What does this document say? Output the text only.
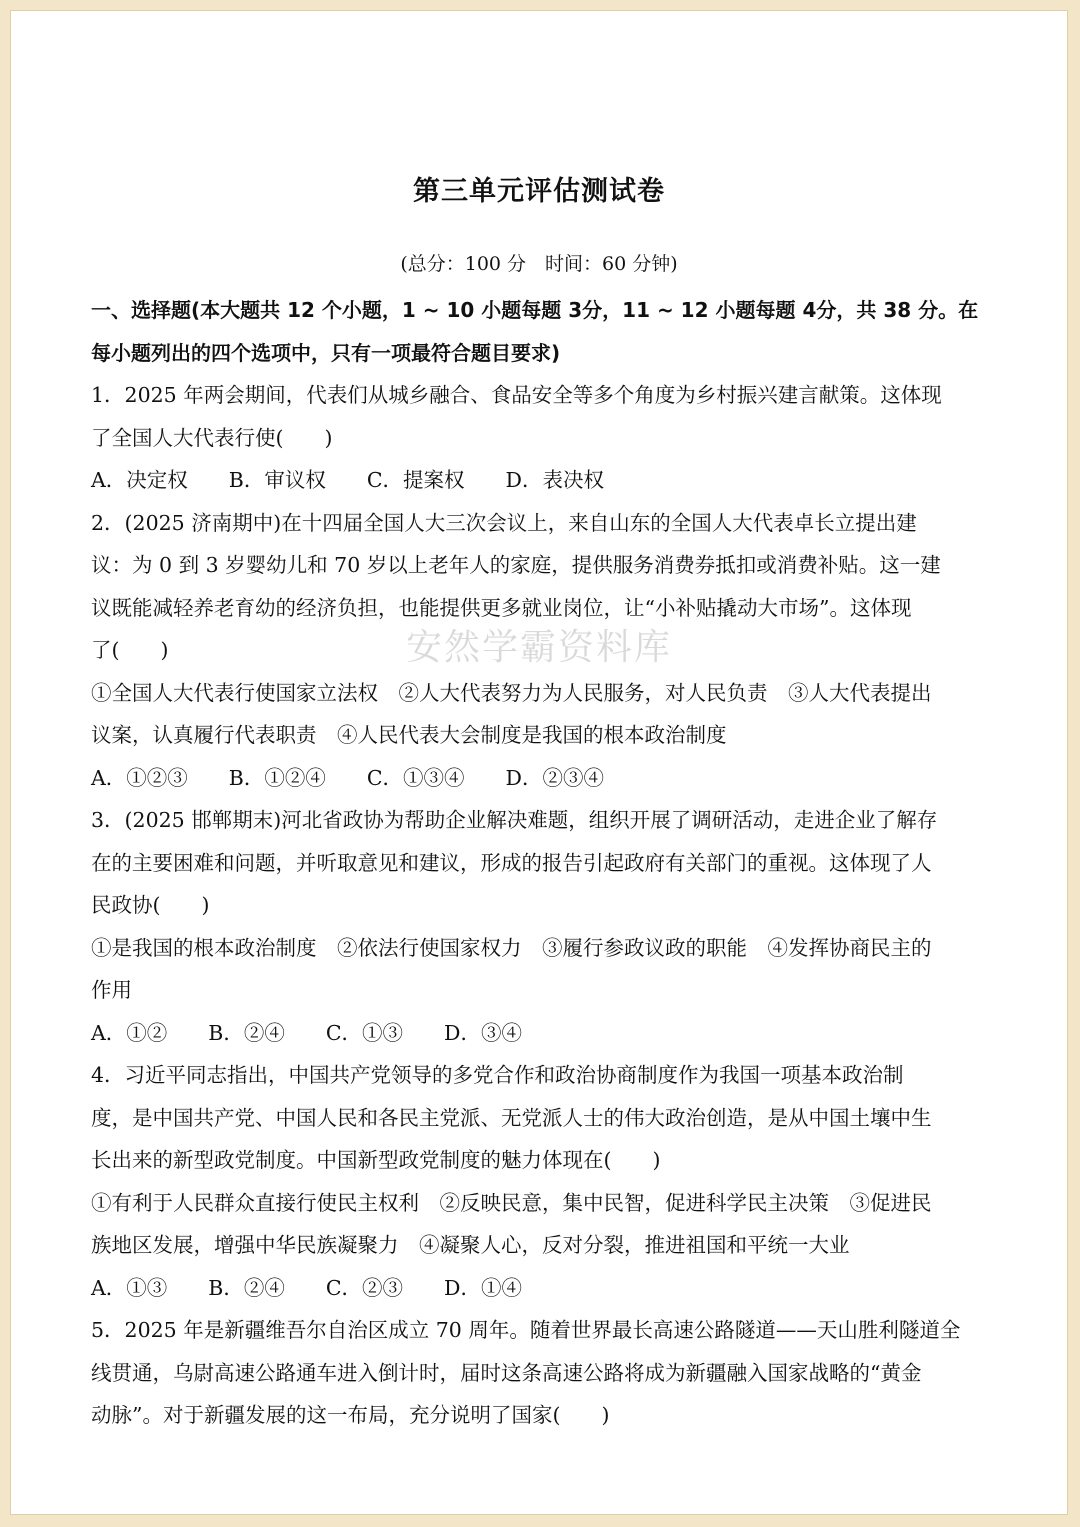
第三单元评估测试卷
(总分：100 分　时间：60 分钟)

一、选择题(本大题共 12 个小题，1 ~ 10 小题每题 3分，11 ~ 12 小题每题 4分，共 38 分。在

每小题列出的四个选项中，只有一项最符合题目要求)

1．2025 年两会期间，代表们从城乡融合、食品安全等多个角度为乡村振兴建言献策。这体现

了全国人大代表行使(　　)

A．决定权　　B．审议权　　C．提案权　　D．表决权

2．(2025 济南期中)在十四届全国人大三次会议上，来自山东的全国人大代表卓长立提出建

议：为 0 到 3 岁婴幼儿和 70 岁以上老年人的家庭，提供服务消费券抵扣或消费补贴。这一建

议既能减轻养老育幼的经济负担，也能提供更多就业岗位，让“小补贴撬动大市场”。这体现

了(　　)

①全国人大代表行使国家立法权　②人大代表努力为人民服务，对人民负责　③人大代表提出

议案，认真履行代表职责　④人民代表大会制度是我国的根本政治制度

A．①②③　　B．①②④　　C．①③④　　D．②③④

3．(2025 邯郸期末)河北省政协为帮助企业解决难题，组织开展了调研活动，走进企业了解存

在的主要困难和问题，并听取意见和建议，形成的报告引起政府有关部门的重视。这体现了人

民政协(　　)

①是我国的根本政治制度　②依法行使国家权力　③履行参政议政的职能　④发挥协商民主的

作用

A．①②　　B．②④　　C．①③　　D．③④

4．习近平同志指出，中国共产党领导的多党合作和政治协商制度作为我国一项基本政治制

度，是中国共产党、中国人民和各民主党派、无党派人士的伟大政治创造，是从中国土壤中生

长出来的新型政党制度。中国新型政党制度的魅力体现在(　　)

①有利于人民群众直接行使民主权利　②反映民意，集中民智，促进科学民主决策　③促进民

族地区发展，增强中华民族凝聚力　④凝聚人心，反对分裂，推进祖国和平统一大业

A．①③　　B．②④　　C．②③　　D．①④

5．2025 年是新疆维吾尔自治区成立 70 周年。随着世界最长高速公路隧道——天山胜利隧道全

线贯通，乌尉高速公路通车进入倒计时，届时这条高速公路将成为新疆融入国家战略的“黄金

动脉”。对于新疆发展的这一布局，充分说明了国家(　　)

安然学霸资料库
